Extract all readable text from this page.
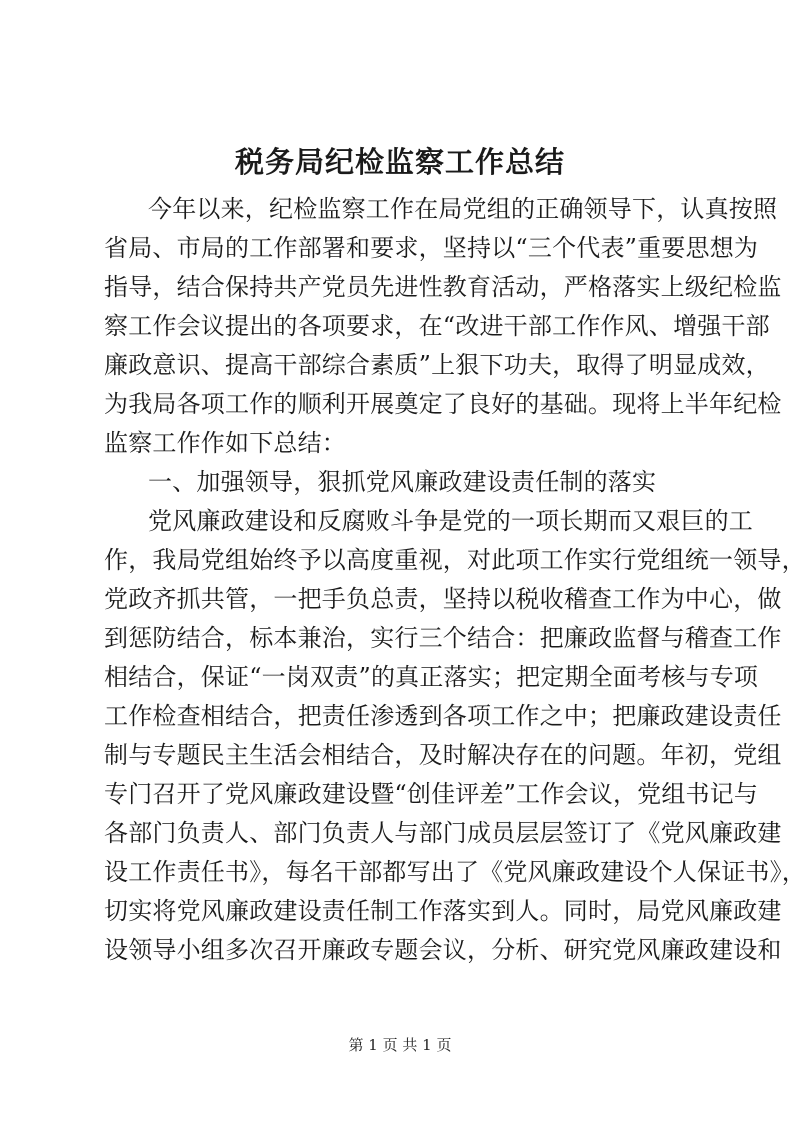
税务局纪检监察工作总结
今年以来，纪检监察工作在局党组的正确领导下，认真按照
省局、市局的工作部署和要求，坚持以“三个代表”重要思想为
指导，结合保持共产党员先进性教育活动，严格落实上级纪检监
察工作会议提出的各项要求，在“改进干部工作作风、增强干部
廉政意识、提高干部综合素质”上狠下功夫，取得了明显成效，
为我局各项工作的顺利开展奠定了良好的基础。现将上半年纪检
监察工作作如下总结：
一、加强领导，狠抓党风廉政建设责任制的落实
党风廉政建设和反腐败斗争是党的一项长期而又艰巨的工
作，我局党组始终予以高度重视，对此项工作实行党组统一领导，
党政齐抓共管，一把手负总责，坚持以税收稽查工作为中心，做
到惩防结合，标本兼治，实行三个结合：把廉政监督与稽查工作
相结合，保证“一岗双责”的真正落实；把定期全面考核与专项
工作检查相结合，把责任渗透到各项工作之中；把廉政建设责任
制与专题民主生活会相结合，及时解决存在的问题。年初，党组
专门召开了党风廉政建设暨“创佳评差”工作会议，党组书记与
各部门负责人、部门负责人与部门成员层层签订了《党风廉政建
设工作责任书》，每名干部都写出了《党风廉政建设个人保证书》，
切实将党风廉政建设责任制工作落实到人。同时，局党风廉政建
设领导小组多次召开廉政专题会议，分析、研究党风廉政建设和
第 1 页 共 1 页
